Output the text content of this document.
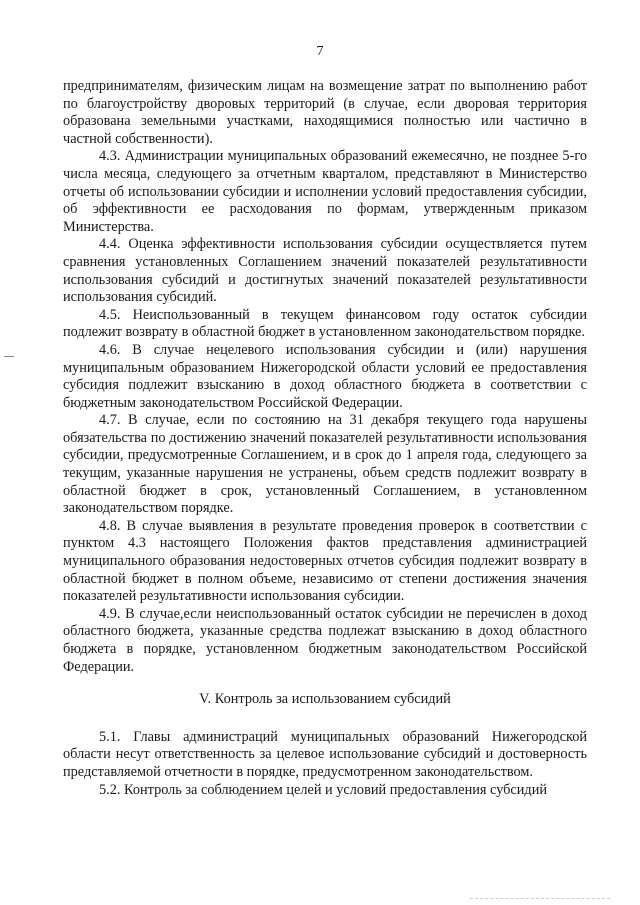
7

предпринимателям, физическим лицам на возмещение затрат по выполнению работ по благоустройству дворовых территорий (в случае, если дворовая территория образована земельными участками, находящимися полностью или частично в частной собственности).

4.3. Администрации муниципальных образований ежемесячно, не позднее 5-го числа месяца, следующего за отчетным кварталом, представляют в Министерство отчеты об использовании субсидии и исполнении условий предоставления субсидии, об эффективности ее расходования по формам, утвержденным приказом Министерства.

4.4. Оценка эффективности использования субсидии осуществляется путем сравнения установленных Соглашением значений показателей результативности использования субсидий и достигнутых значений показателей результативности использования субсидий.

4.5. Неиспользованный в текущем финансовом году остаток субсидии подлежит возврату в областной бюджет в установленном законодательством порядке.

4.6. В случае нецелевого использования субсидии и (или) нарушения муниципальным образованием Нижегородской области условий ее предоставления субсидия подлежит взысканию в доход областного бюджета в соответствии с бюджетным законодательством Российской Федерации.

4.7. В случае, если по состоянию на 31 декабря текущего года нарушены обязательства по достижению значений показателей результативности использования субсидии, предусмотренные Соглашением, и в срок до 1 апреля года, следующего за текущим, указанные нарушения не устранены, объем средств подлежит возврату в областной бюджет в срок, установленный Соглашением, в установленном законодательством порядке.

4.8. В случае выявления в результате проведения проверок в соответствии с пунктом 4.3 настоящего Положения фактов представления администрацией муниципального образования недостоверных отчетов субсидия подлежит возврату в областной бюджет в полном объеме, независимо от степени достижения значения показателей результативности использования субсидии.

4.9. В случае,если неиспользованный остаток субсидии не перечислен в доход областного бюджета, указанные средства подлежат взысканию в доход областного бюджета в порядке, установленном бюджетным законодательством Российской Федерации.

V. Контроль за использованием субсидий

5.1. Главы администраций муниципальных образований Нижегородской области несут ответственность за целевое использование субсидий и достоверность представляемой отчетности в порядке, предусмотренном законодательством.

5.2. Контроль за соблюдением целей и условий предоставления субсидий
